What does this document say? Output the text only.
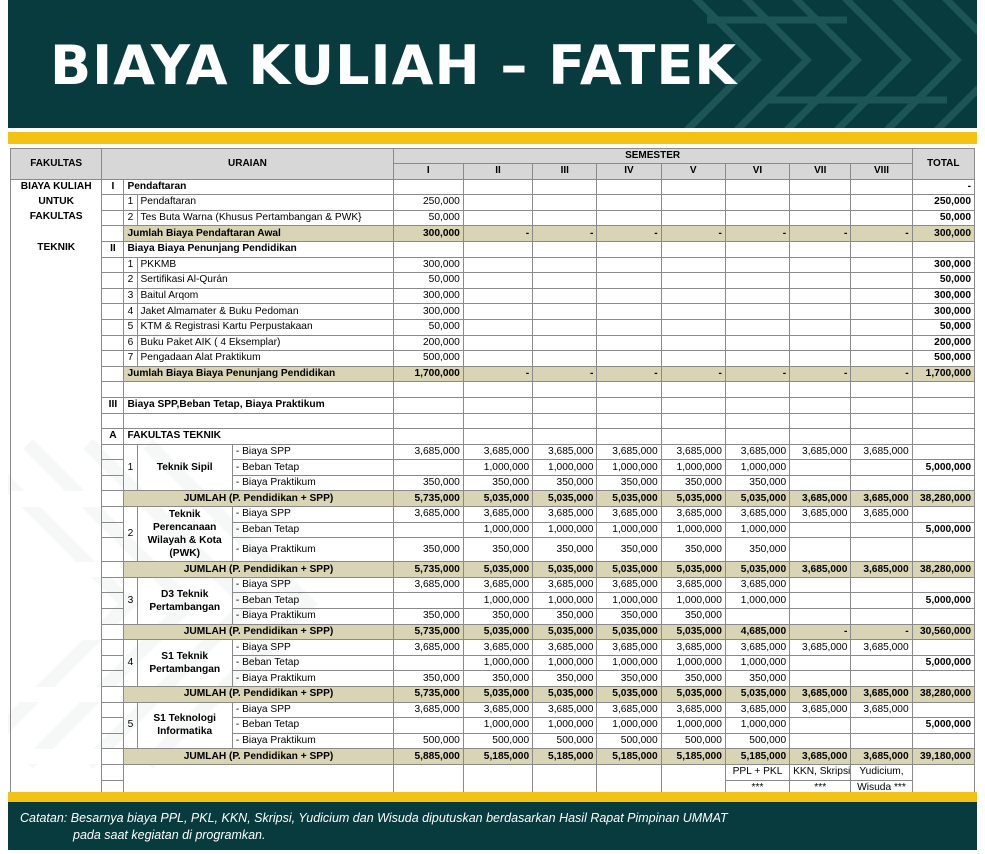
BIAYA KULIAH – FATEK
FAKULTAS	URAIAN				SEMESTER								TOTAL
					I	II	III	IV	V	VI	VII	VIII	
BIAYA KULIAH	I	Pendaftaran											-
UNTUK		1	Pendaftaran		250,000								250,000
FAKULTAS		2	Tes Buta Warna (Khusus Pertambangan & PWK}		50,000								50,000
		Jumlah Biaya Pendaftaran Awal			300,000	-	-	-	-	-	-	-	300,000
TEKNIK	II	Biaya Biaya Penunjang Pendidikan											
		1	PKKMB		300,000								300,000
		2	Sertifikasi Al-Qurán		50,000								50,000
		3	Baitul Arqom		300,000								300,000
		4	Jaket Almamater & Buku Pedoman		300,000								300,000
		5	KTM & Registrasi Kartu Perpustakaan		50,000								50,000
		6	Buku Paket AIK ( 4 Eksemplar)		200,000								200,000
		7	Pengadaan Alat Praktikum		500,000								500,000
		Jumlah Biaya Biaya Penunjang Pendidikan			1,700,000	-	-	-	-	-	-	-	1,700,000

	III	Biaya SPP,Beban Tetap, Biaya Praktikum											

	A	FAKULTAS TEKNIK											
		1	Teknik Sipil	- Biaya SPP	3,685,000	3,685,000	3,685,000	3,685,000	3,685,000	3,685,000	3,685,000	3,685,000	
				- Beban Tetap		1,000,000	1,000,000	1,000,000	1,000,000	1,000,000			5,000,000
				- Biaya Praktikum	350,000	350,000	350,000	350,000	350,000	350,000			
		JUMLAH (P. Pendidikan + SPP)			5,735,000	5,035,000	5,035,000	5,035,000	5,035,000	5,035,000	3,685,000	3,685,000	38,280,000
		2	Teknik Perencanaan Wilayah & Kota (PWK)	- Biaya SPP	3,685,000	3,685,000	3,685,000	3,685,000	3,685,000	3,685,000	3,685,000	3,685,000	
				- Beban Tetap		1,000,000	1,000,000	1,000,000	1,000,000	1,000,000			5,000,000
				- Biaya Praktikum	350,000	350,000	350,000	350,000	350,000	350,000			
		JUMLAH (P. Pendidikan + SPP)			5,735,000	5,035,000	5,035,000	5,035,000	5,035,000	5,035,000	3,685,000	3,685,000	38,280,000
		3	D3 Teknik Pertambangan	- Biaya SPP	3,685,000	3,685,000	3,685,000	3,685,000	3,685,000	3,685,000			
				- Beban Tetap		1,000,000	1,000,000	1,000,000	1,000,000	1,000,000			5,000,000
				- Biaya Praktikum	350,000	350,000	350,000	350,000	350,000				
		JUMLAH (P. Pendidikan + SPP)			5,735,000	5,035,000	5,035,000	5,035,000	5,035,000	4,685,000	-	-	30,560,000
		4	S1 Teknik Pertambangan	- Biaya SPP	3,685,000	3,685,000	3,685,000	3,685,000	3,685,000	3,685,000	3,685,000	3,685,000	
				- Beban Tetap		1,000,000	1,000,000	1,000,000	1,000,000	1,000,000			5,000,000
				- Biaya Praktikum	350,000	350,000	350,000	350,000	350,000	350,000			
		JUMLAH (P. Pendidikan + SPP)			5,735,000	5,035,000	5,035,000	5,035,000	5,035,000	5,035,000	3,685,000	3,685,000	38,280,000
		5	S1 Teknologi Informatika	- Biaya SPP	3,685,000	3,685,000	3,685,000	3,685,000	3,685,000	3,685,000	3,685,000	3,685,000	
				- Beban Tetap		1,000,000	1,000,000	1,000,000	1,000,000	1,000,000			5,000,000
				- Biaya Praktikum	500,000	500,000	500,000	500,000	500,000	500,000			
		JUMLAH (P. Pendidikan + SPP)			5,885,000	5,185,000	5,185,000	5,185,000	5,185,000	5,185,000	3,685,000	3,685,000	39,180,000
										PPL + PKL	KKN, Skripsi	Yudicium,	
										***	***	Wisuda ***	
Catatan: Besarnya biaya PPL, PKL, KKN, Skripsi, Yudicium dan Wisuda diputuskan berdasarkan Hasil Rapat Pimpinan UMMAT
pada saat kegiatan di programkan.
